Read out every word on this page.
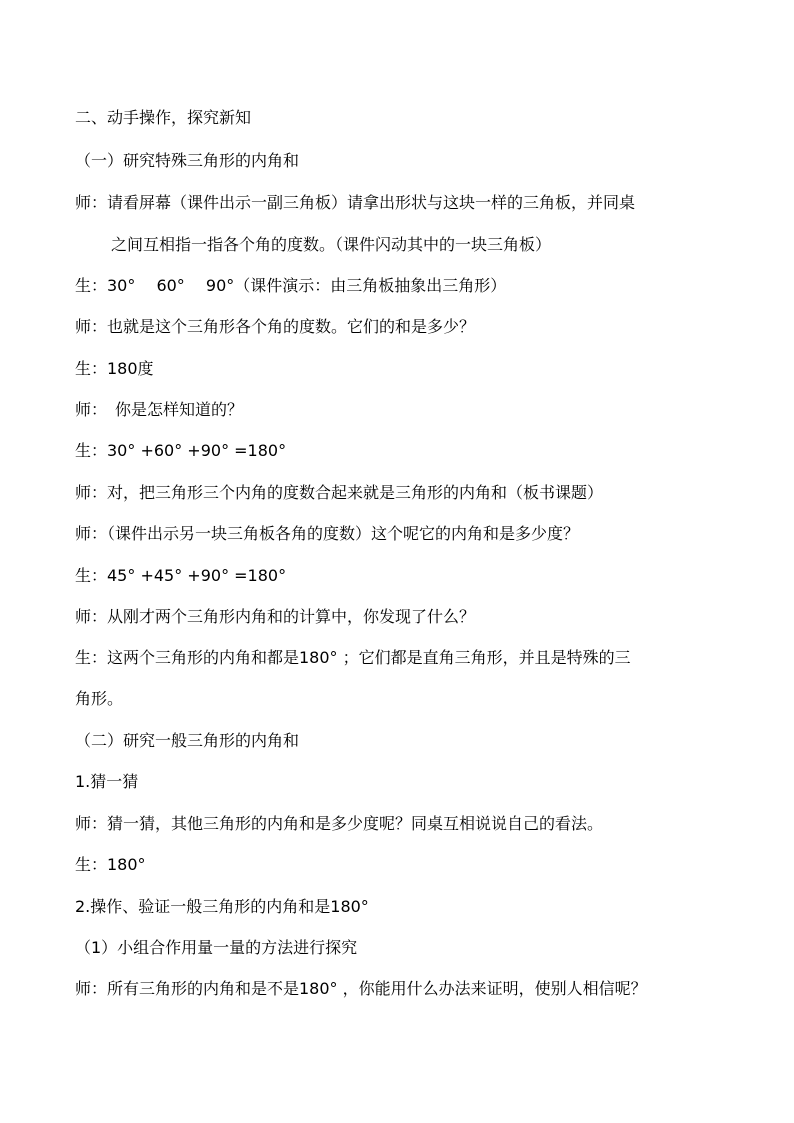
二、动手操作，探究新知
（一）研究特殊三角形的内角和
师：请看屏幕（课件出示一副三角板）请拿出形状与这块一样的三角板，并同桌
之间互相指一指各个角的度数。（课件闪动其中的一块三角板）
生：30°　 60°　 90°（课件演示：由三角板抽象出三角形）
师：也就是这个三角形各个角的度数。它们的和是多少？
生：180度
师：　你是怎样知道的？
生：30° +60° +90° =180°
师：对，把三角形三个内角的度数合起来就是三角形的内角和（板书课题）
师：（课件出示另一块三角板各角的度数）这个呢它的内角和是多少度？
生：45° +45° +90° =180°
师：从刚才两个三角形内角和的计算中，你发现了什么？
生：这两个三角形的内角和都是180° ；它们都是直角三角形，并且是特殊的三
角形。
（二）研究一般三角形的内角和
1.猜一猜
师：猜一猜，其他三角形的内角和是多少度呢？同桌互相说说自己的看法。
生：180°
2.操作、验证一般三角形的内角和是180°
（1）小组合作用量一量的方法进行探究
师：所有三角形的内角和是不是180° ，你能用什么办法来证明，使别人相信呢？
